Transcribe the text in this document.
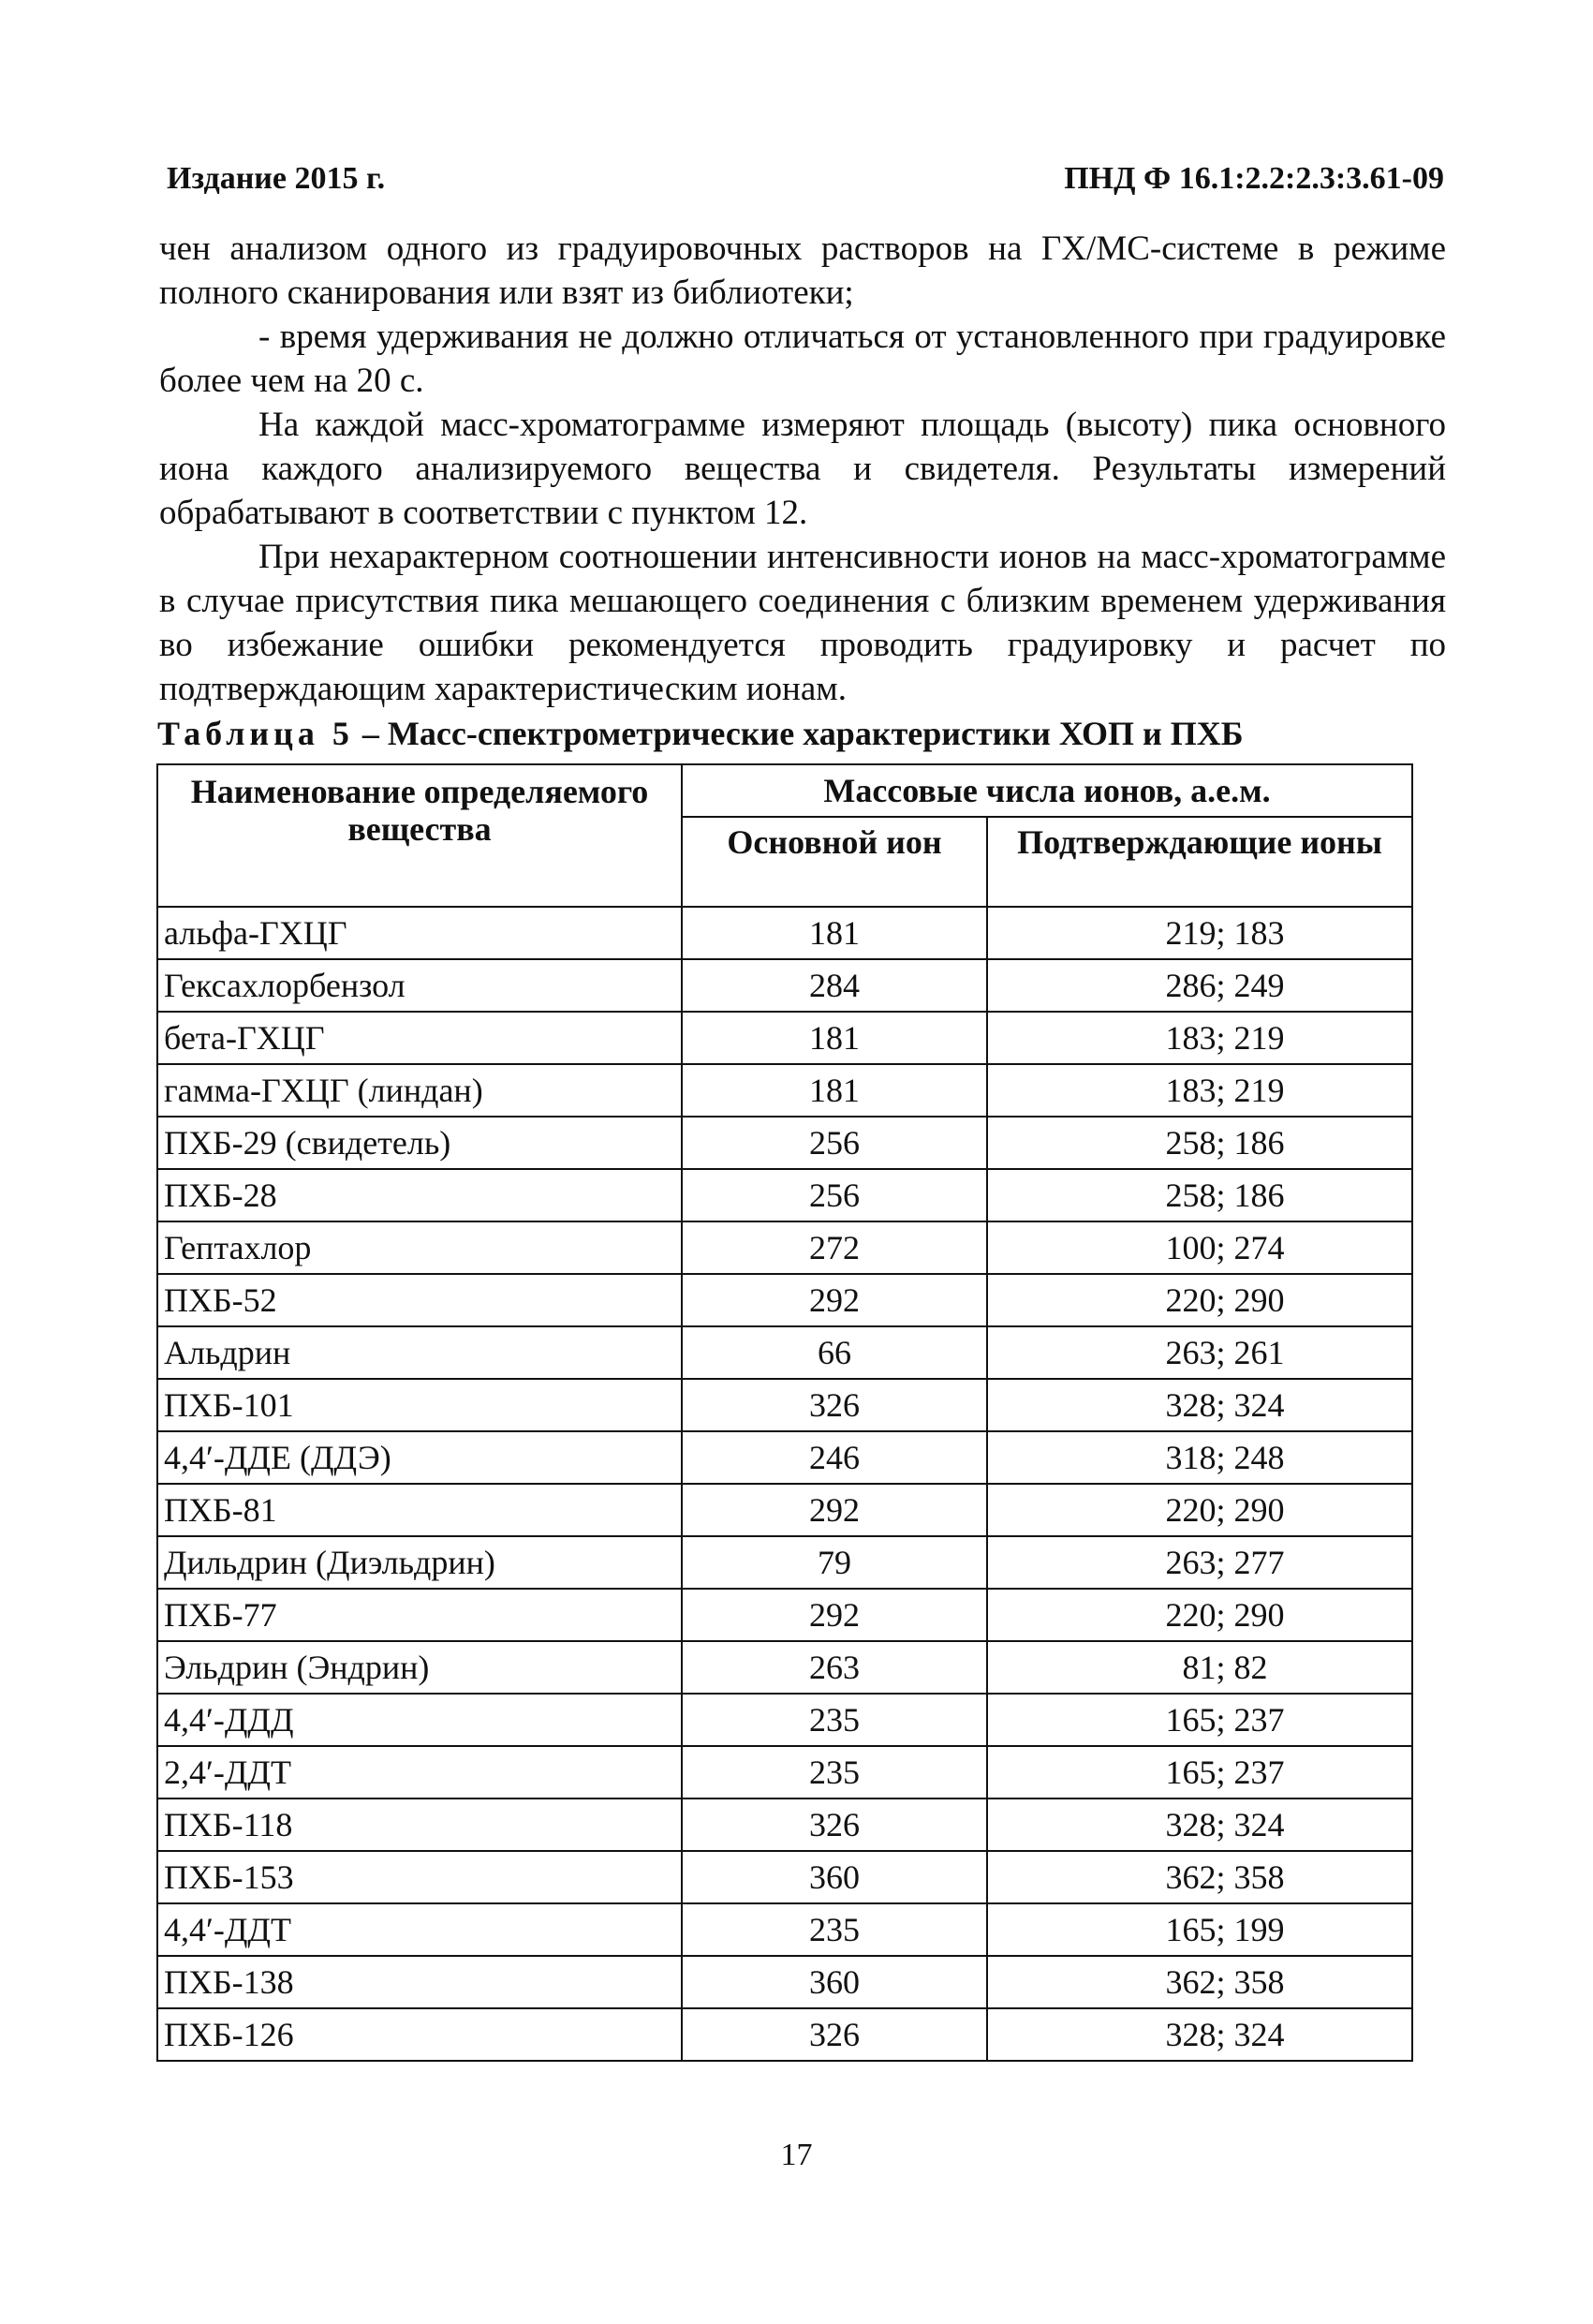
Издание 2015 г.	ПНД Ф 16.1:2.2:2.3:3.61-09

чен анализом одного из градуировочных растворов на ГХ/МС-системе в режиме полного сканирования или взят из библиотеки;

- время удерживания не должно отличаться от установленного при градуировке более чем на 20 с.

На каждой масс-хроматограмме измеряют площадь (высоту) пика основного иона каждого анализируемого вещества и свидетеля. Результаты измерений обрабатывают в соответствии с пунктом 12.

При нехарактерном соотношении интенсивности ионов на масс-хроматограмме в случае присутствия пика мешающего соединения с близким временем удерживания во избежание ошибки рекомендуется проводить градуировку и расчет по подтверждающим характеристическим ионам.

Таблица 5 – Масс-спектрометрические характеристики ХОП и ПХБ
Наименование определяемого вещества	Массовые числа ионов, а.е.м.	
	Основной ион	Подтверждающие ионы
альфа-ГХЦГ	181	219; 183
Гексахлорбензол	284	286; 249
бета-ГХЦГ	181	183; 219
гамма-ГХЦГ (линдан)	181	183; 219
ПХБ-29 (свидетель)	256	258; 186
ПХБ-28	256	258; 186
Гептахлор	272	100; 274
ПХБ-52	292	220; 290
Альдрин	66	263; 261
ПХБ-101	326	328; 324
4,4′-ДДЕ (ДДЭ)	246	318; 248
ПХБ-81	292	220; 290
Дильдрин (Диэльдрин)	79	263; 277
ПХБ-77	292	220; 290
Эльдрин (Эндрин)	263	81; 82
4,4′-ДДД	235	165; 237
2,4′-ДДТ	235	165; 237
ПХБ-118	326	328; 324
ПХБ-153	360	362; 358
4,4′-ДДТ	235	165; 199
ПХБ-138	360	362; 358
ПХБ-126	326	328; 324
17
